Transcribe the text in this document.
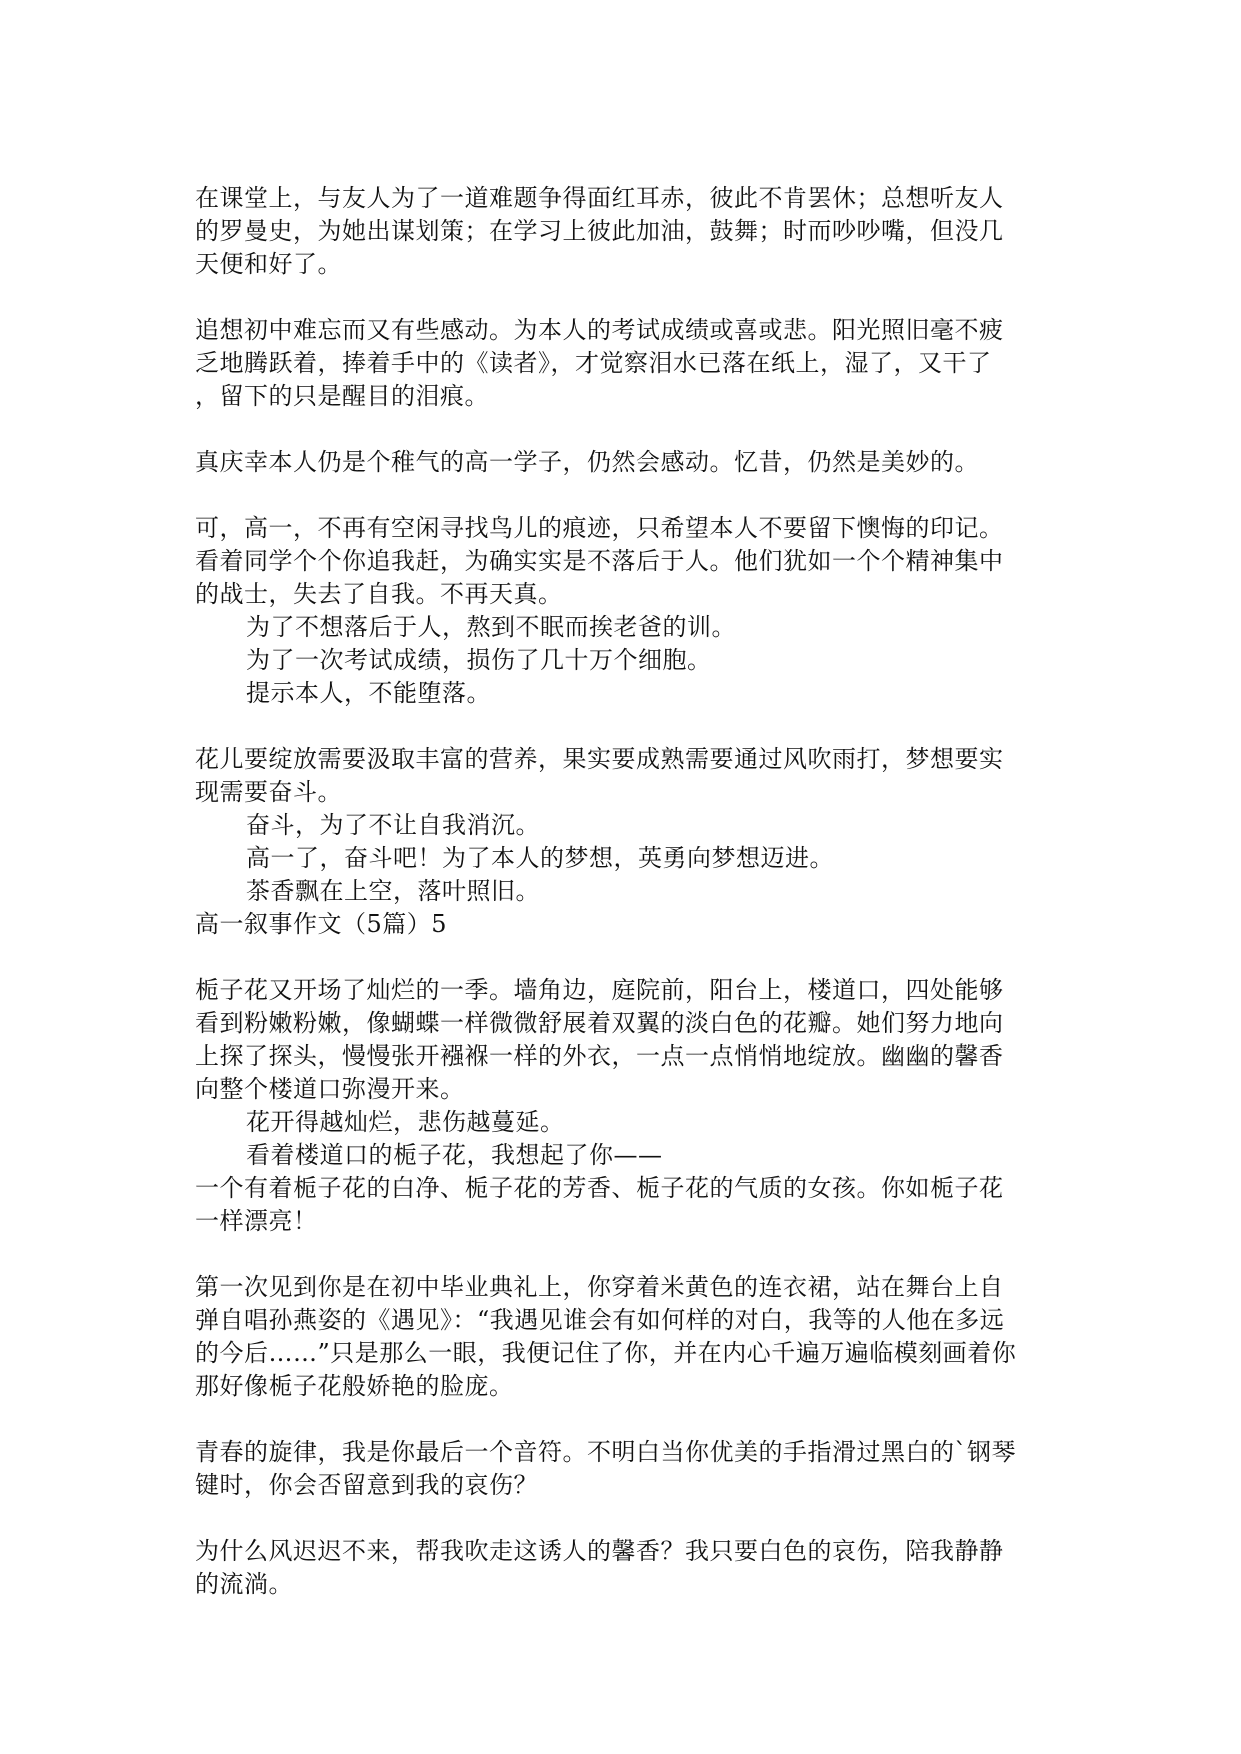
在课堂上，与友人为了一道难题争得面红耳赤，彼此不肯罢休；总想听友人
的罗曼史，为她出谋划策；在学习上彼此加油，鼓舞；时而吵吵嘴，但没几
天便和好了。
追想初中难忘而又有些感动。为本人的考试成绩或喜或悲。阳光照旧毫不疲
乏地腾跃着，捧着手中的《读者》，才觉察泪水已落在纸上，湿了，又干了
，留下的只是醒目的泪痕。
真庆幸本人仍是个稚气的高一学子，仍然会感动。忆昔，仍然是美妙的。
可，高一，不再有空闲寻找鸟儿的痕迹，只希望本人不要留下懊悔的印记。
看着同学个个你追我赶，为确实实是不落后于人。他们犹如一个个精神集中
的战士，失去了自我。不再天真。
为了不想落后于人，熬到不眠而挨老爸的训。
为了一次考试成绩，损伤了几十万个细胞。
提示本人，不能堕落。
花儿要绽放需要汲取丰富的营养，果实要成熟需要通过风吹雨打，梦想要实
现需要奋斗。
奋斗，为了不让自我消沉。
高一了，奋斗吧！为了本人的梦想，英勇向梦想迈进。
茶香飘在上空，落叶照旧。
高一叙事作文（5篇）5
栀子花又开场了灿烂的一季。墙角边，庭院前，阳台上，楼道口，四处能够
看到粉嫩粉嫩，像蝴蝶一样微微舒展着双翼的淡白色的花瓣。她们努力地向
上探了探头，慢慢张开襁褓一样的外衣，一点一点悄悄地绽放。幽幽的馨香
向整个楼道口弥漫开来。
花开得越灿烂，悲伤越蔓延。
看着楼道口的栀子花，我想起了你——
一个有着栀子花的白净、栀子花的芳香、栀子花的气质的女孩。你如栀子花
一样漂亮！
第一次见到你是在初中毕业典礼上，你穿着米黄色的连衣裙，站在舞台上自
弹自唱孙燕姿的《遇见》：“我遇见谁会有如何样的对白，我等的人他在多远
的今后……”只是那么一眼，我便记住了你，并在内心千遍万遍临模刻画着你
那好像栀子花般娇艳的脸庞。
青春的旋律，我是你最后一个音符。不明白当你优美的手指滑过黑白的`钢琴
键时，你会否留意到我的哀伤？
为什么风迟迟不来，帮我吹走这诱人的馨香？我只要白色的哀伤，陪我静静
的流淌。
